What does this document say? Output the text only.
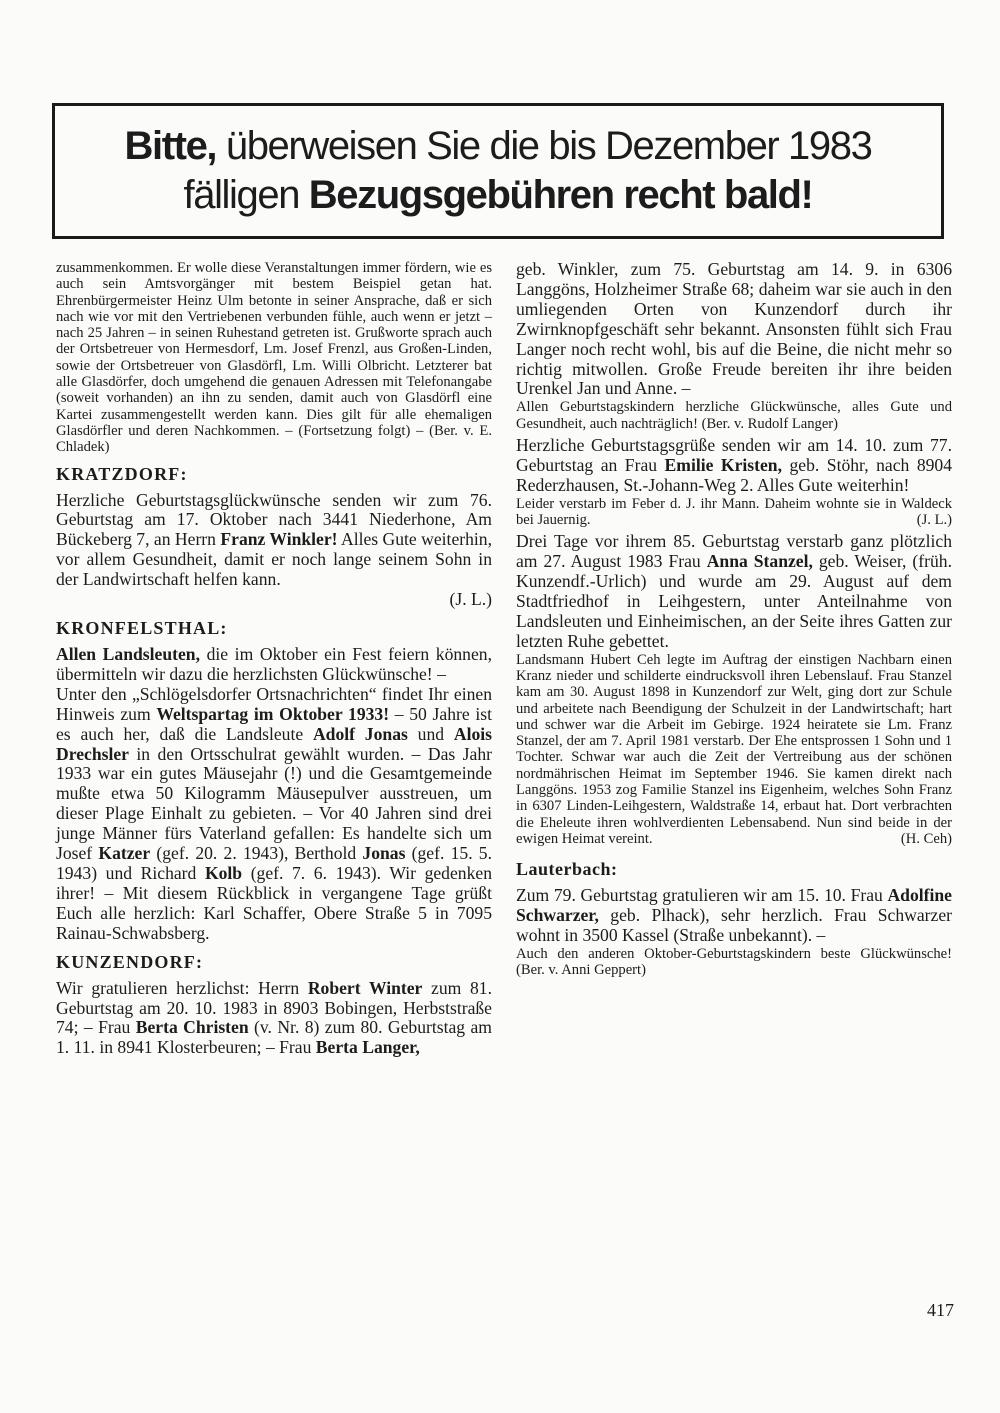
Bitte, überweisen Sie die bis Dezember 1983
fälligen Bezugsgebühren recht bald!

zusammenkommen. Er wolle diese Veranstaltungen immer fördern, wie es auch sein Amtsvorgänger mit bestem Beispiel getan hat. Ehrenbürgermeister Heinz Ulm betonte in seiner Ansprache, daß er sich nach wie vor mit den Vertriebenen verbunden fühle, auch wenn er jetzt – nach 25 Jahren – in seinen Ruhestand getreten ist. Grußworte sprach auch der Ortsbetreuer von Hermesdorf, Lm. Josef Frenzl, aus Großen-Linden, sowie der Ortsbetreuer von Glasdörfl, Lm. Willi Olbricht. Letzterer bat alle Glasdörfer, doch umgehend die genauen Adressen mit Telefonangabe (soweit vorhanden) an ihn zu senden, damit auch von Glasdörfl eine Kartei zusammengestellt werden kann. Dies gilt für alle ehemaligen Glasdörfler und deren Nachkommen. – (Fortsetzung folgt) – (Ber. v. E. Chladek)

KRATZDORF:

Herzliche Geburtstagsglückwünsche senden wir zum 76. Geburtstag am 17. Oktober nach 3441 Niederhone, Am Bückeberg 7, an Herrn Franz Winkler! Alles Gute weiterhin, vor allem Gesundheit, damit er noch lange seinem Sohn in der Landwirtschaft helfen kann.

(J. L.)

KRONFELSTHAL:

Allen Landsleuten, die im Oktober ein Fest feiern können, übermitteln wir dazu die herzlichsten Glückwünsche! –

Unter den „Schlögelsdorfer Ortsnachrichten“ findet Ihr einen Hinweis zum Weltspartag im Oktober 1933! – 50 Jahre ist es auch her, daß die Landsleute Adolf Jonas und Alois Drechsler in den Ortsschulrat gewählt wurden. – Das Jahr 1933 war ein gutes Mäusejahr (!) und die Gesamtgemeinde mußte etwa 50 Kilogramm Mäusepulver ausstreuen, um dieser Plage Einhalt zu gebieten. – Vor 40 Jahren sind drei junge Männer fürs Vaterland gefallen: Es handelte sich um Josef Katzer (gef. 20. 2. 1943), Berthold Jonas (gef. 15. 5. 1943) und Richard Kolb (gef. 7. 6. 1943). Wir gedenken ihrer! – Mit diesem Rückblick in vergangene Tage grüßt Euch alle herzlich: Karl Schaffer, Obere Straße 5 in 7095 Rainau-Schwabsberg.

KUNZENDORF:

Wir gratulieren herzlichst: Herrn Robert Winter zum 81. Geburtstag am 20. 10. 1983 in 8903 Bobingen, Herbststraße 74; – Frau Berta Christen (v. Nr. 8) zum 80. Geburtstag am 1. 11. in 8941 Klosterbeuren; – Frau Berta Langer,

geb. Winkler, zum 75. Geburtstag am 14. 9. in 6306 Langgöns, Holzheimer Straße 68; daheim war sie auch in den umliegenden Orten von Kunzendorf durch ihr Zwirnknopfgeschäft sehr bekannt. Ansonsten fühlt sich Frau Langer noch recht wohl, bis auf die Beine, die nicht mehr so richtig mitwollen. Große Freude bereiten ihr ihre beiden Urenkel Jan und Anne. –

Allen Geburtstagskindern herzliche Glückwünsche, alles Gute und Gesundheit, auch nachträglich! (Ber. v. Rudolf Langer)

Herzliche Geburtstagsgrüße senden wir am 14. 10. zum 77. Geburtstag an Frau Emilie Kristen, geb. Stöhr, nach 8904 Rederzhausen, St.-Johann-Weg 2. Alles Gute weiterhin!

Leider verstarb im Feber d. J. ihr Mann. Daheim wohnte sie in Waldeck bei Jauernig.	(J. L.)

Drei Tage vor ihrem 85. Geburtstag verstarb ganz plötzlich am 27. August 1983 Frau Anna Stanzel, geb. Weiser, (früh. Kunzendf.-Urlich) und wurde am 29. August auf dem Stadtfriedhof in Leihgestern, unter Anteilnahme von Landsleuten und Einheimischen, an der Seite ihres Gatten zur letzten Ruhe gebettet.

Landsmann Hubert Ceh legte im Auftrag der einstigen Nachbarn einen Kranz nieder und schilderte eindrucksvoll ihren Lebenslauf. Frau Stanzel kam am 30. August 1898 in Kunzendorf zur Welt, ging dort zur Schule und arbeitete nach Beendigung der Schulzeit in der Landwirtschaft; hart und schwer war die Arbeit im Gebirge. 1924 heiratete sie Lm. Franz Stanzel, der am 7. April 1981 verstarb. Der Ehe entsprossen 1 Sohn und 1 Tochter. Schwar war auch die Zeit der Vertreibung aus der schönen nordmährischen Heimat im September 1946. Sie kamen direkt nach Langgöns. 1953 zog Familie Stanzel ins Eigenheim, welches Sohn Franz in 6307 Linden-Leihgestern, Waldstraße 14, erbaut hat. Dort verbrachten die Eheleute ihren wohlverdienten Lebensabend. Nun sind beide in der ewigen Heimat vereint.	(H. Ceh)

Lauterbach:

Zum 79. Geburtstag gratulieren wir am 15. 10. Frau Adolfine Schwarzer, geb. Plhack), sehr herzlich. Frau Schwarzer wohnt in 3500 Kassel (Straße unbekannt). –

Auch den anderen Oktober-Geburtstagskindern beste Glückwünsche! (Ber. v. Anni Geppert)

417
